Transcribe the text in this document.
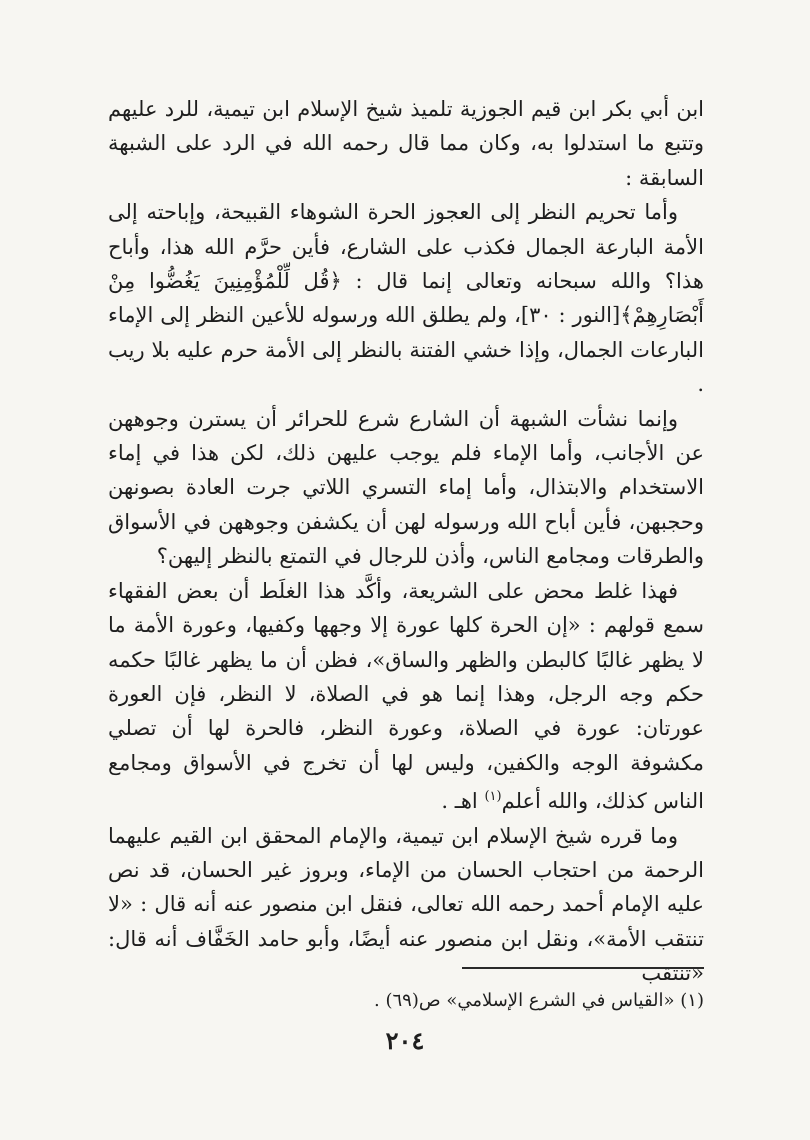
ابن أبي بكر ابن قيم الجوزية تلميذ شيخ الإسلام ابن تيمية، للرد عليهم وتتبع ما استدلوا به، وكان مما قال رحمه الله في الرد على الشبهة السابقة :

وأما تحريم النظر إلى العجوز الحرة الشوهاء القبيحة، وإباحته إلى الأمة البارعة الجمال فكذب على الشارع، فأين حرَّم الله هذا، وأباح هذا؟ والله سبحانه وتعالى إنما قال : ﴿قُل لِّلْمُؤْمِنِينَ يَغُضُّوا مِنْ أَبْصَارِهِمْ﴾[النور : ٣٠]، ولم يطلق الله ورسوله للأعين النظر إلى الإماء البارعات الجمال، وإذا خشي الفتنة بالنظر إلى الأمة حرم عليه بلا ريب .

وإنما نشأت الشبهة أن الشارع شرع للحرائر أن يسترن وجوههن عن الأجانب، وأما الإماء فلم يوجب عليهن ذلك، لكن هذا في إماء الاستخدام والابتذال، وأما إماء التسري اللاتي جرت العادة بصونهن وحجبهن، فأين أباح الله ورسوله لهن أن يكشفن وجوههن في الأسواق والطرقات ومجامع الناس، وأذن للرجال في التمتع بالنظر إليهن؟

فهذا غلط محض على الشريعة، وأكَّد هذا الغلَط أن بعض الفقهاء سمع قولهم : «إن الحرة كلها عورة إلا وجهها وكفيها، وعورة الأمة ما لا يظهر غالبًا كالبطن والظهر والساق»، فظن أن ما يظهر غالبًا حكمه حكم وجه الرجل، وهذا إنما هو في الصلاة، لا النظر، فإن العورة عورتان: عورة في الصلاة، وعورة النظر، فالحرة لها أن تصلي مكشوفة الوجه والكفين، وليس لها أن تخرج في الأسواق ومجامع الناس كذلك، والله أعلم$^{(١)}$ اهـ .

وما قرره شيخ الإسلام ابن تيمية، والإمام المحقق ابن القيم عليهما الرحمة من احتجاب الحسان من الإماء، وبروز غير الحسان، قد نص عليه الإمام أحمد رحمه الله تعالى، فنقل ابن منصور عنه أنه قال : «لا تنتقب الأمة»، ونقل ابن منصور عنه أيضًا، وأبو حامد الخَفَّاف أنه قال: «تنتقب

(١) «القياس في الشرع الإسلامي» ص(٦٩) .
٢٠٤
